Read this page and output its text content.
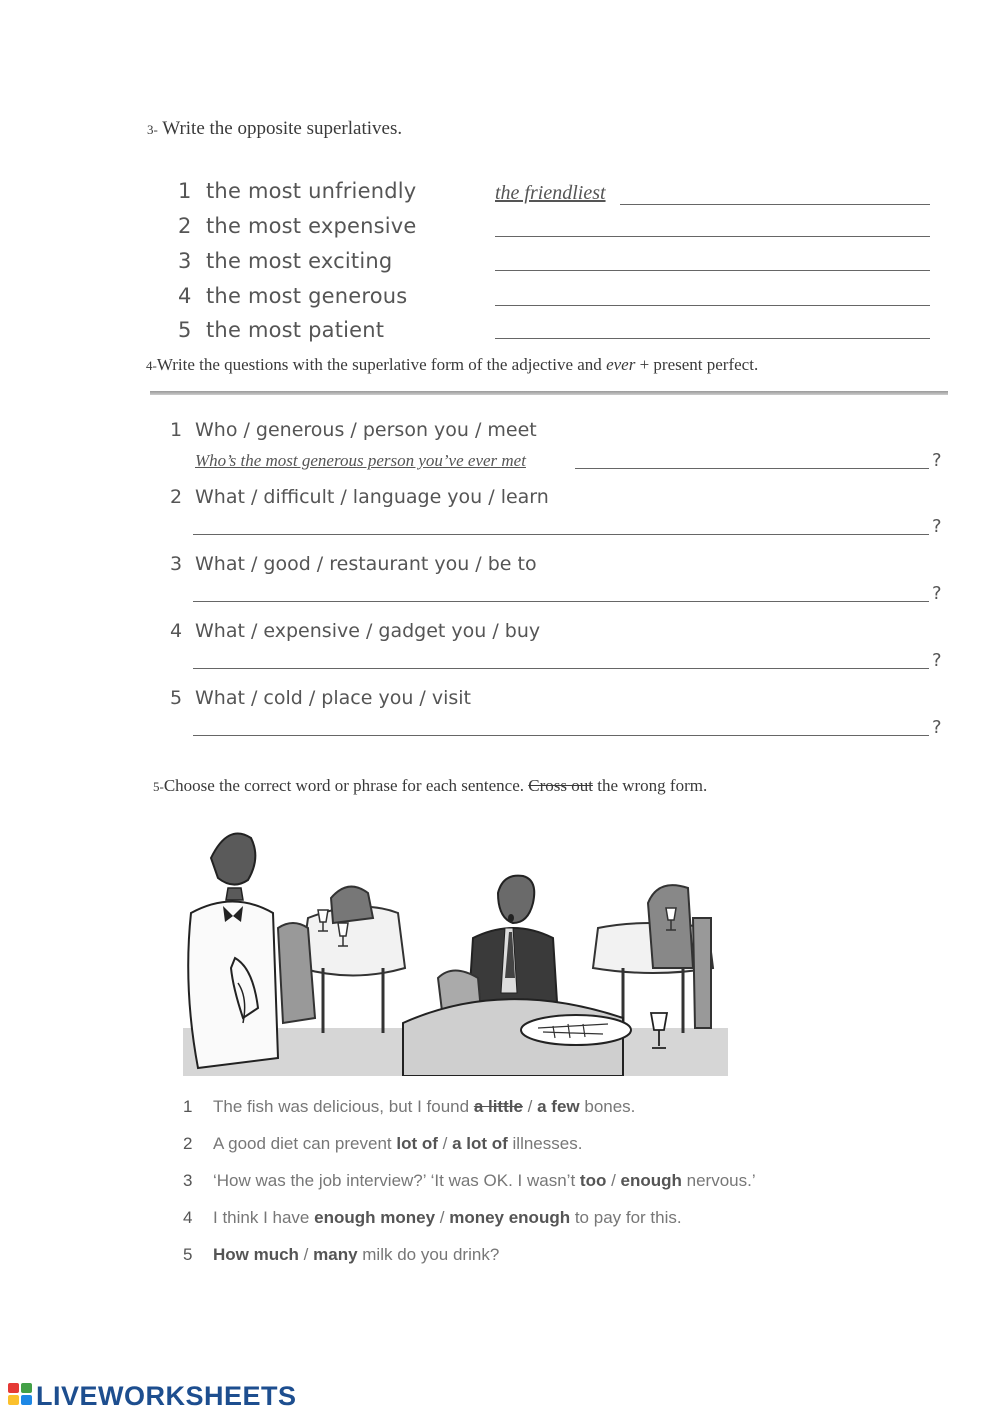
3- Write the opposite superlatives.
1 the most unfriendly	the friendliest
2 the most expensive
3 the most exciting
4 the most generous
5 the most patient
4-Write the questions with the superlative form of the adjective and ever + present perfect.
1 Who / generous / person you / meet
Who’s the most generous person you’ve ever met	?
2 What / difficult / language you / learn
?
3 What / good / restaurant you / be to
?
4 What / expensive / gadget you / buy
?
5 What / cold / place you / visit
?
5-Choose the correct word or phrase for each sentence. Cross out the wrong form.
1 The fish was delicious, but I found a little / a few bones.
2 A good diet can prevent lot of / a lot of illnesses.
3 ‘How was the job interview?’ ‘It was OK. I wasn’t too / enough nervous.’
4 I think I have enough money / money enough to pay for this.
5 How much / many milk do you drink?
LIVEWORKSHEETS
